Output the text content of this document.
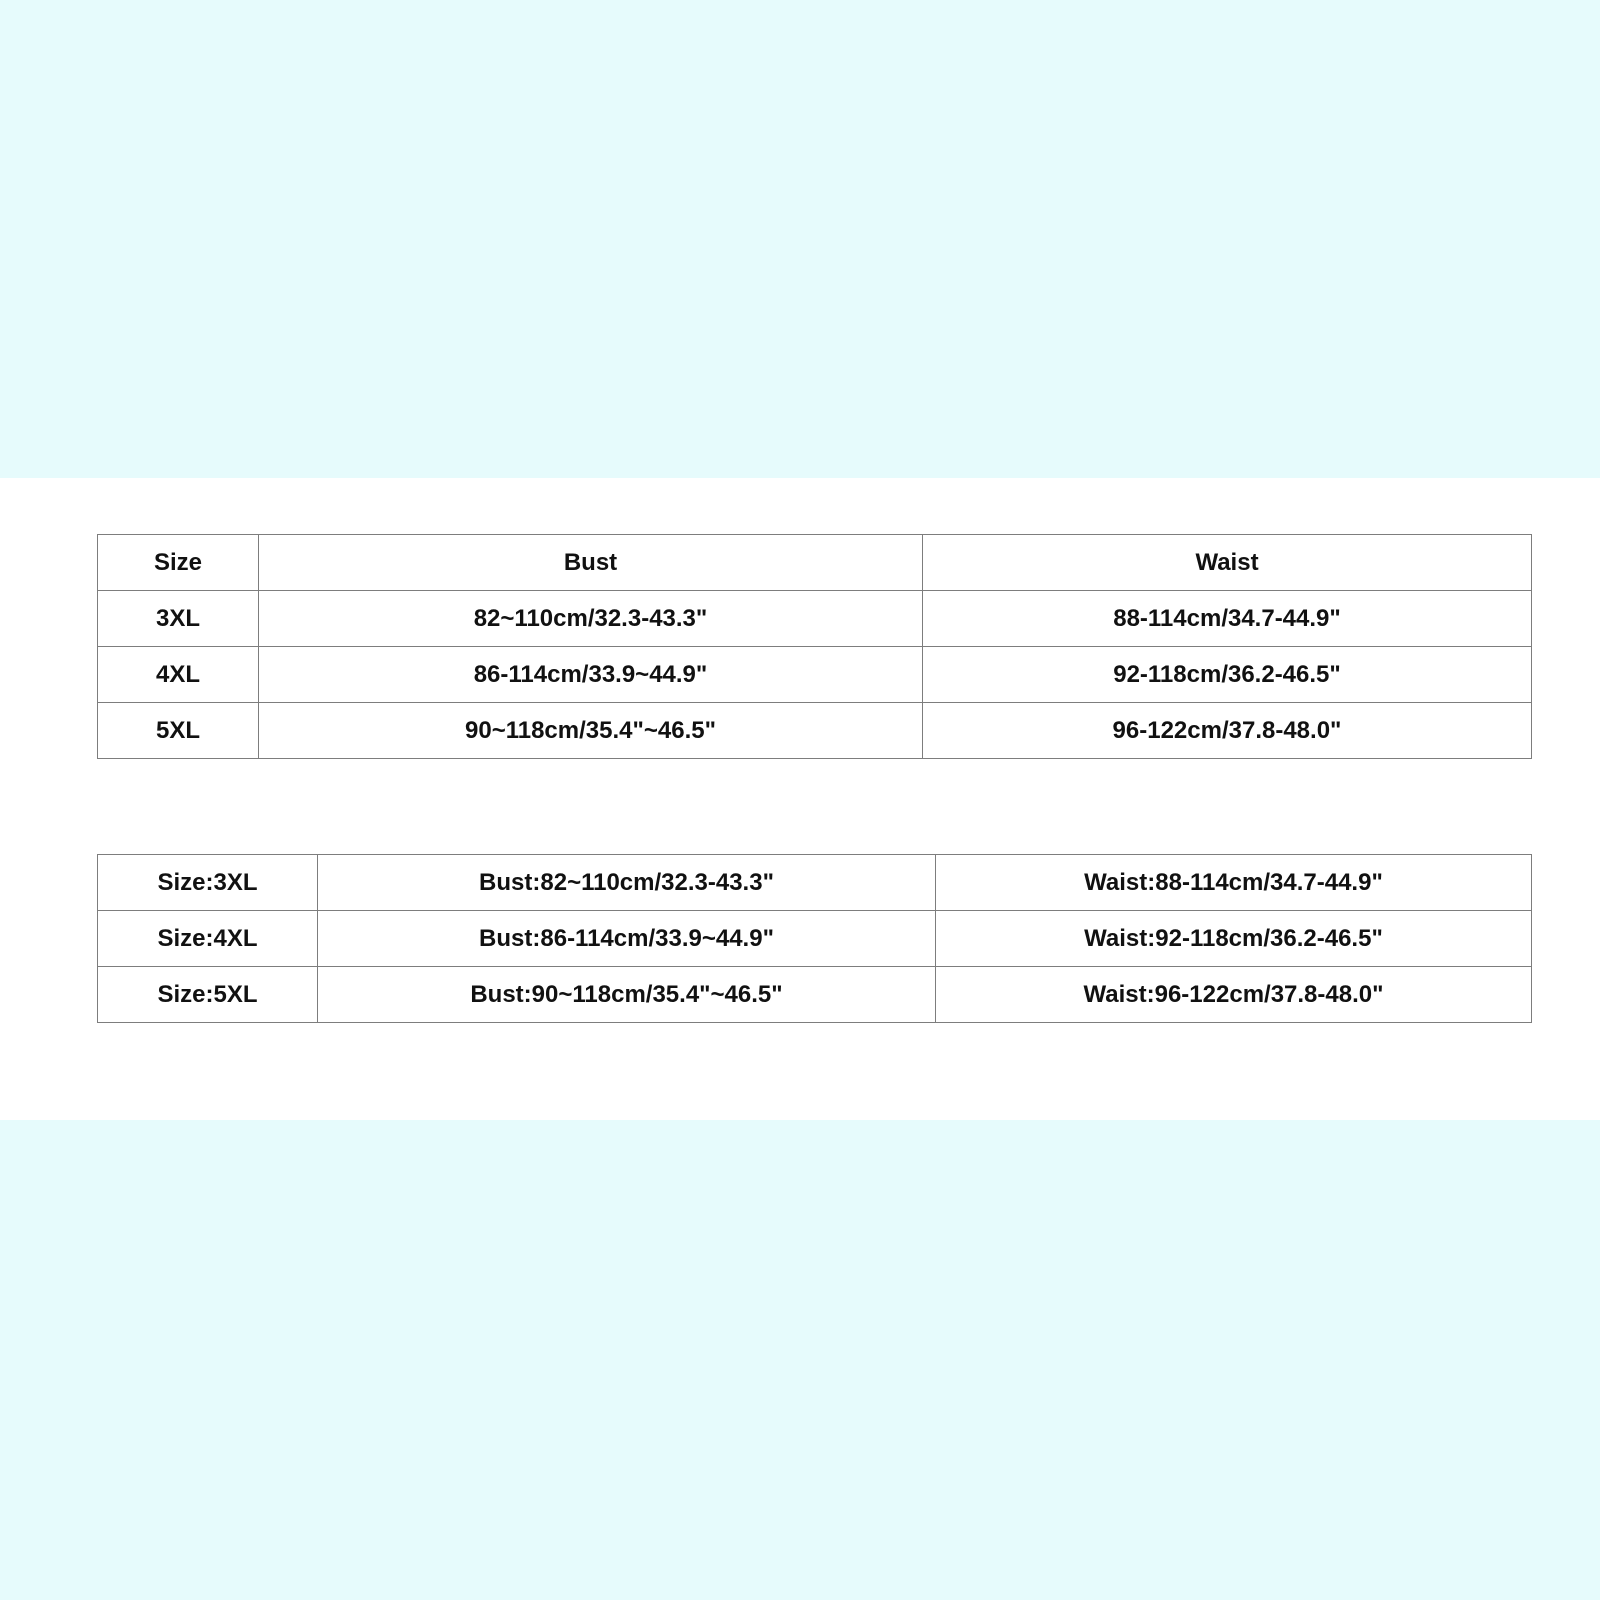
Size	Bust	Waist
3XL	82~110cm/32.3-43.3"	88-114cm/34.7-44.9"
4XL	86-114cm/33.9~44.9"	92-118cm/36.2-46.5"
5XL	90~118cm/35.4"~46.5"	96-122cm/37.8-48.0"
Size:3XL	Bust:82~110cm/32.3-43.3"	Waist:88-114cm/34.7-44.9"
Size:4XL	Bust:86-114cm/33.9~44.9"	Waist:92-118cm/36.2-46.5"
Size:5XL	Bust:90~118cm/35.4"~46.5"	Waist:96-122cm/37.8-48.0"
